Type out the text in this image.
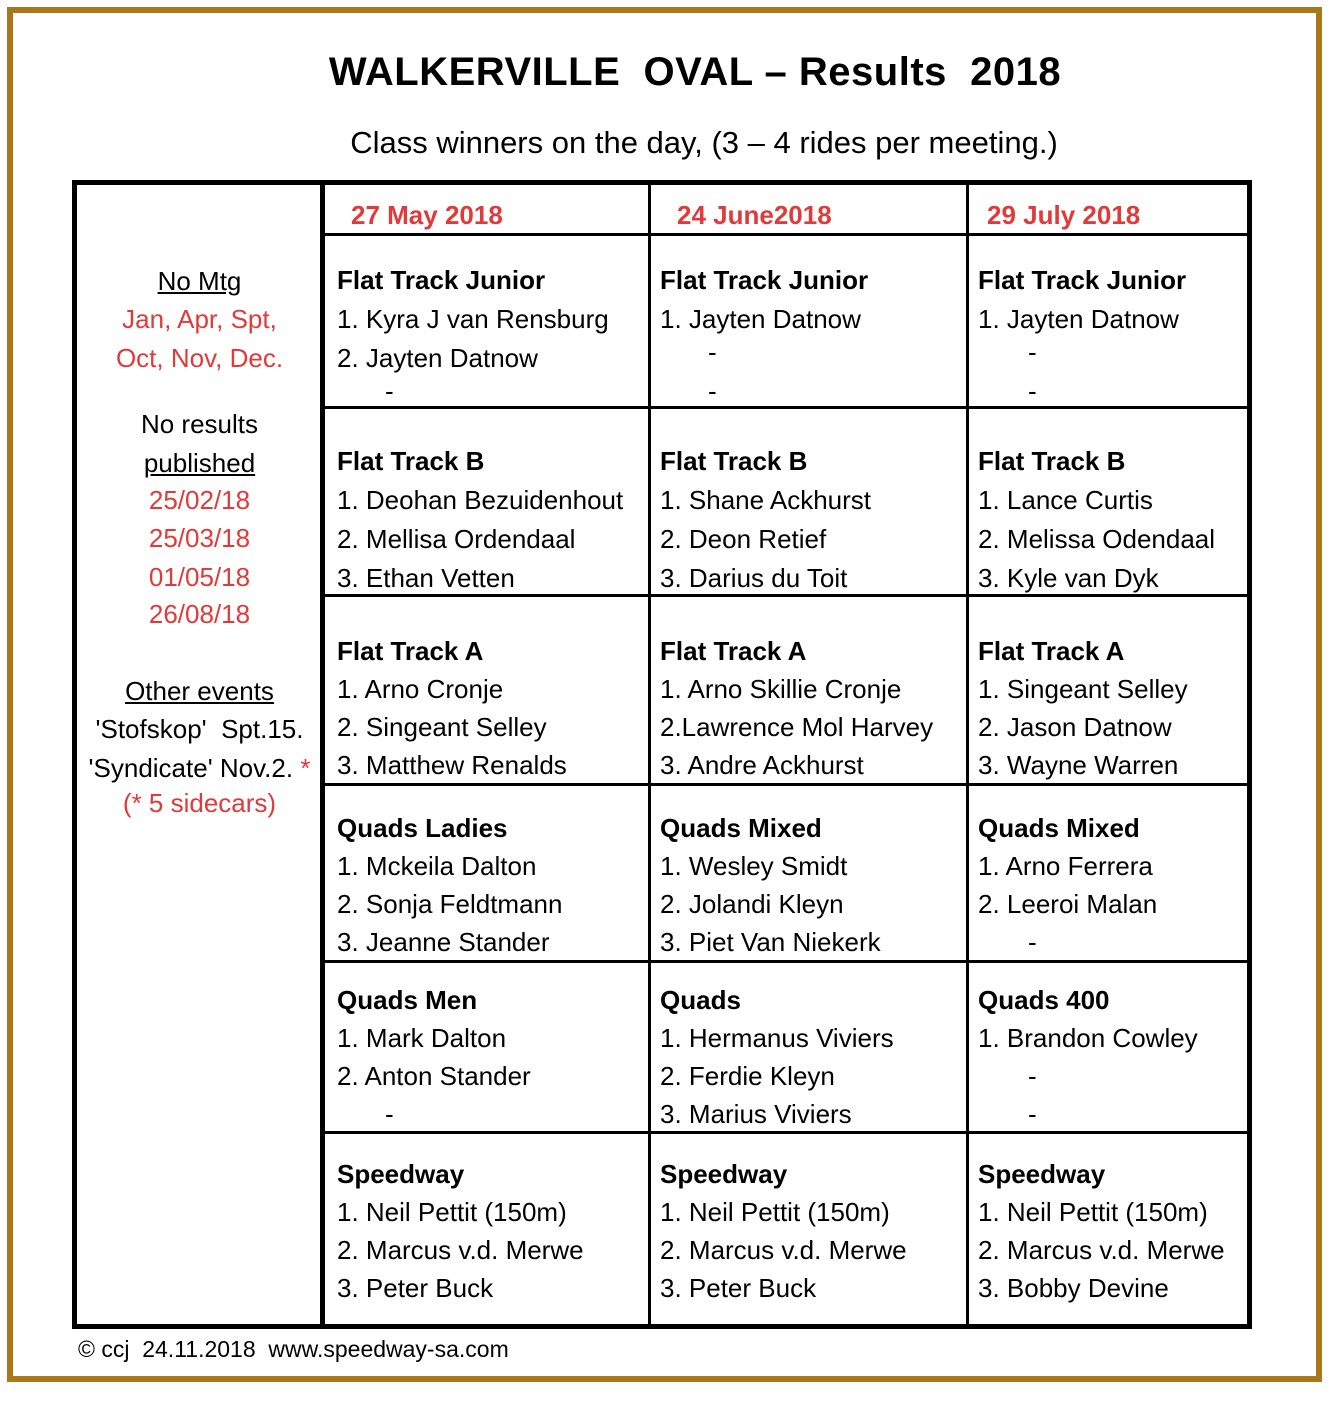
WALKERVILLE  OVAL – Results  2018
Class winners on the day, (3 – 4 rides per meeting.)
No Mtg
Jan, Apr, Spt,
Oct, Nov, Dec.
No results
published
25/02/18
25/03/18
01/05/18
26/08/18
Other events
'Stofskop'  Spt.15.
'Syndicate' Nov.2. *
(* 5 sidecars)
27 May 2018	24 June2018	29 July 2018
Flat Track Junior
1. Kyra J van Rensburg
2. Jayten Datnow
-
Flat Track B
1. Deohan Bezuidenhout
2. Mellisa Ordendaal
3. Ethan Vetten
Flat Track A
1. Arno Cronje
2. Singeant Selley
3. Matthew Renalds
Quads Ladies
1. Mckeila Dalton
2. Sonja Feldtmann
3. Jeanne Stander
Quads Men
1. Mark Dalton
2. Anton Stander
-
Speedway
1. Neil Pettit (150m)
2. Marcus v.d. Merwe
3. Peter Buck
Flat Track Junior
1. Jayten Datnow
-
-
Flat Track B
1. Shane Ackhurst
2. Deon Retief
3. Darius du Toit
Flat Track A
1. Arno Skillie Cronje
2.Lawrence Mol Harvey
3. Andre Ackhurst
Quads Mixed
1. Wesley Smidt
2. Jolandi Kleyn
3. Piet Van Niekerk
Quads
1. Hermanus Viviers
2. Ferdie Kleyn
3. Marius Viviers
Speedway
1. Neil Pettit (150m)
2. Marcus v.d. Merwe
3. Peter Buck
Flat Track Junior
1. Jayten Datnow
-
-
Flat Track B
1. Lance Curtis
2. Melissa Odendaal
3. Kyle van Dyk
Flat Track A
1. Singeant Selley
2. Jason Datnow
3. Wayne Warren
Quads Mixed
1. Arno Ferrera
2. Leeroi Malan
-
Quads 400
1. Brandon Cowley
-
-
Speedway
1. Neil Pettit (150m)
2. Marcus v.d. Merwe
3. Bobby Devine
© ccj  24.11.2018  www.speedway-sa.com
